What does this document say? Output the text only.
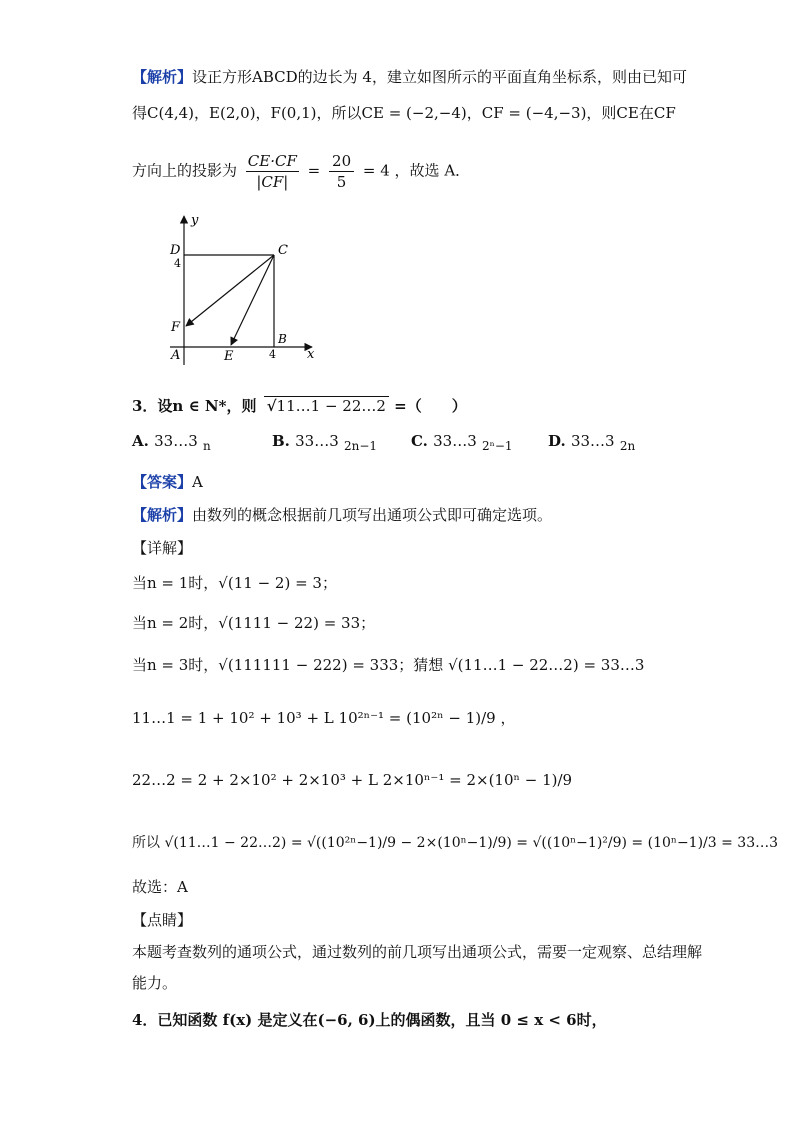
【解析】设正方形ABCD的边长为 4，建立如图所示的平面直角坐标系，则由已知可
得C(4,4)，E(2,0)，F(0,1)，所以CE = (−2,−4)，CF = (−4,−3)，则CE在CF
方向上的投影为 $\frac{CE\cdot CF}{|CF|} = \frac{20}{5} = 4$ ，故选 A．
y
D
4
C
F
B
A	E	4 x
3．设n ∈ N*，则 √11…1 − 22…2 =（　　）
A. 33…3 $_n$	B. 33…3 $_{2n-1}$ C. 33…3 $_{2^n-1}$ D. 33…3 $_{2n}$
【答案】A
【解析】由数列的概念根据前几项写出通项公式即可确定选项。
【详解】
当n = 1时，√(11 − 2) = 3；
当n = 2时，√(1111 − 22) = 33；
当n = 3时，√(111111 − 222) = 333；猜想 √(11…1 − 22…2) = 33…3
11…1 = 1 + 10² + 10³ + L 10²ⁿ⁻¹ = (10²ⁿ − 1)/9 ，
22…2 = 2 + 2×10² + 2×10³ + L 2×10ⁿ⁻¹ = 2×(10ⁿ − 1)/9
所以 √(11…1 − 22…2) = √((10²ⁿ−1)/9 − 2×(10ⁿ−1)/9) = √((10ⁿ−1)²/9) = (10ⁿ−1)/3 = 33…3
故选：A
【点睛】
本题考查数列的通项公式，通过数列的前几项写出通项公式，需要一定观察、总结理解
能力。
4．已知函数 f(x) 是定义在(−6, 6)上的偶函数，且当 0 ≤ x < 6时，
